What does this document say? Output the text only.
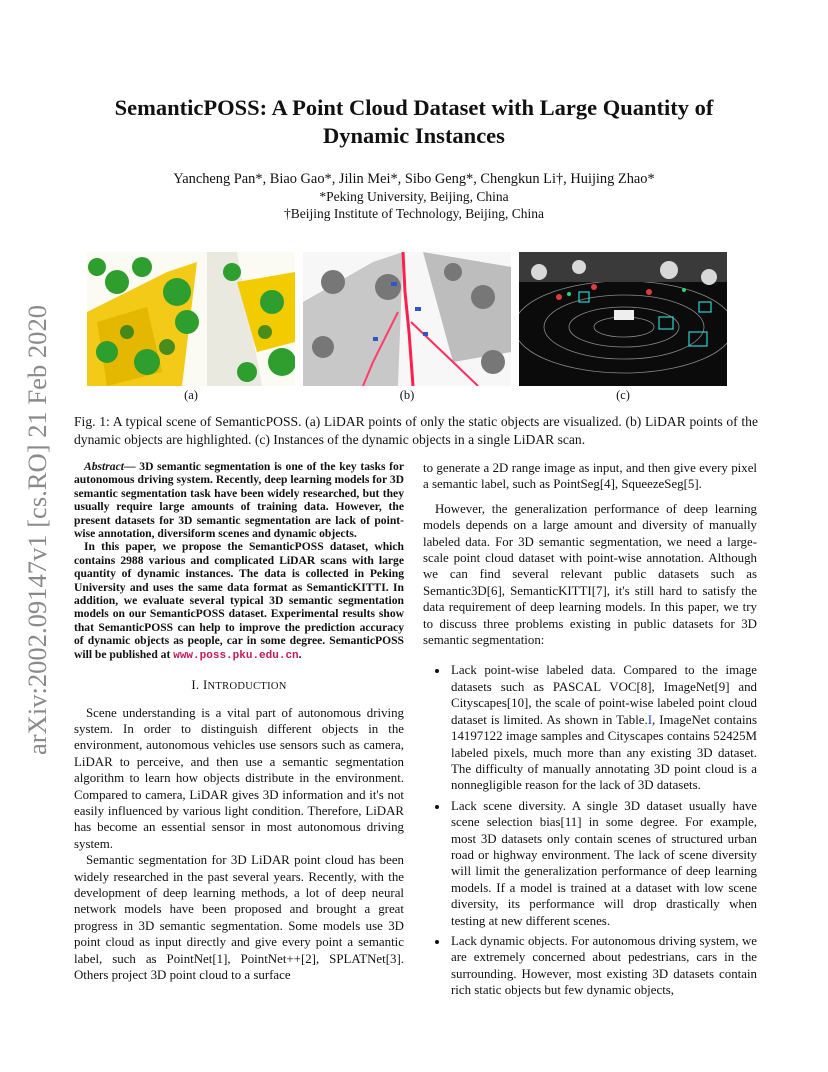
arXiv:2002.09147v1 [cs.RO] 21 Feb 2020
SemanticPOSS: A Point Cloud Dataset with Large Quantity of
Dynamic Instances
Yancheng Pan*, Biao Gao*, Jilin Mei*, Sibo Geng*, Chengkun Li†, Huijing Zhao*
*Peking University, Beijing, China
†Beijing Institute of Technology, Beijing, China
(a)	(b)	(c)
Fig. 1: A typical scene of SemanticPOSS. (a) LiDAR points of only the static objects are visualized. (b) LiDAR points of the dynamic objects are highlighted. (c) Instances of the dynamic objects in a single LiDAR scan.

Abstract— 3D semantic segmentation is one of the key tasks for autonomous driving system. Recently, deep learning models for 3D semantic segmentation task have been widely researched, but they usually require large amounts of training data. However, the present datasets for 3D semantic segmentation are lack of point-wise annotation, diversiform scenes and dynamic objects.

In this paper, we propose the SemanticPOSS dataset, which contains 2988 various and complicated LiDAR scans with large quantity of dynamic instances. The data is collected in Peking University and uses the same data format as SemanticKITTI. In addition, we evaluate several typical 3D semantic segmentation models on our SemanticPOSS dataset. Experimental results show that SemanticPOSS can help to improve the prediction accuracy of dynamic objects as people, car in some degree. SemanticPOSS will be published at www.poss.pku.edu.cn.

I. INTRODUCTION

Scene understanding is a vital part of autonomous driving system. In order to distinguish different objects in the environment, autonomous vehicles use sensors such as camera, LiDAR to perceive, and then use a semantic segmentation algorithm to learn how objects distribute in the environment. Compared to camera, LiDAR gives 3D information and it's not easily influenced by various light condition. Therefore, LiDAR has become an essential sensor in most autonomous driving system.

Semantic segmentation for 3D LiDAR point cloud has been widely researched in the past several years. Recently, with the development of deep learning methods, a lot of deep neural network models have been proposed and brought a great progress in 3D semantic segmentation. Some models use 3D point cloud as input directly and give every point a semantic label, such as PointNet[1], PointNet++[2], SPLATNet[3]. Others project 3D point cloud to a surface

to generate a 2D range image as input, and then give every pixel a semantic label, such as PointSeg[4], SqueezeSeg[5].

However, the generalization performance of deep learning models depends on a large amount and diversity of manually labeled data. For 3D semantic segmentation, we need a large-scale point cloud dataset with point-wise annotation. Although we can find several relevant public datasets such as Semantic3D[6], SemanticKITTI[7], it's still hard to satisfy the data requirement of deep learning models. In this paper, we try to discuss three problems existing in public datasets for 3D semantic segmentation:

• Lack point-wise labeled data. Compared to the image datasets such as PASCAL VOC[8], ImageNet[9] and Cityscapes[10], the scale of point-wise labeled point cloud dataset is limited. As shown in Table.I, ImageNet contains 14197122 image samples and Cityscapes contains 52425M labeled pixels, much more than any existing 3D dataset. The difficulty of manually annotating 3D point cloud is a nonnegligible reason for the lack of 3D datasets.
• Lack scene diversity. A single 3D dataset usually have scene selection bias[11] in some degree. For example, most 3D datasets only contain scenes of structured urban road or highway environment. The lack of scene diversity will limit the generalization performance of deep learning models. If a model is trained at a dataset with low scene diversity, its performance will drop drastically when testing at new different scenes.
• Lack dynamic objects. For autonomous driving system, we are extremely concerned about pedestrians, cars in the surrounding. However, most existing 3D datasets contain rich static objects but few dynamic objects,
